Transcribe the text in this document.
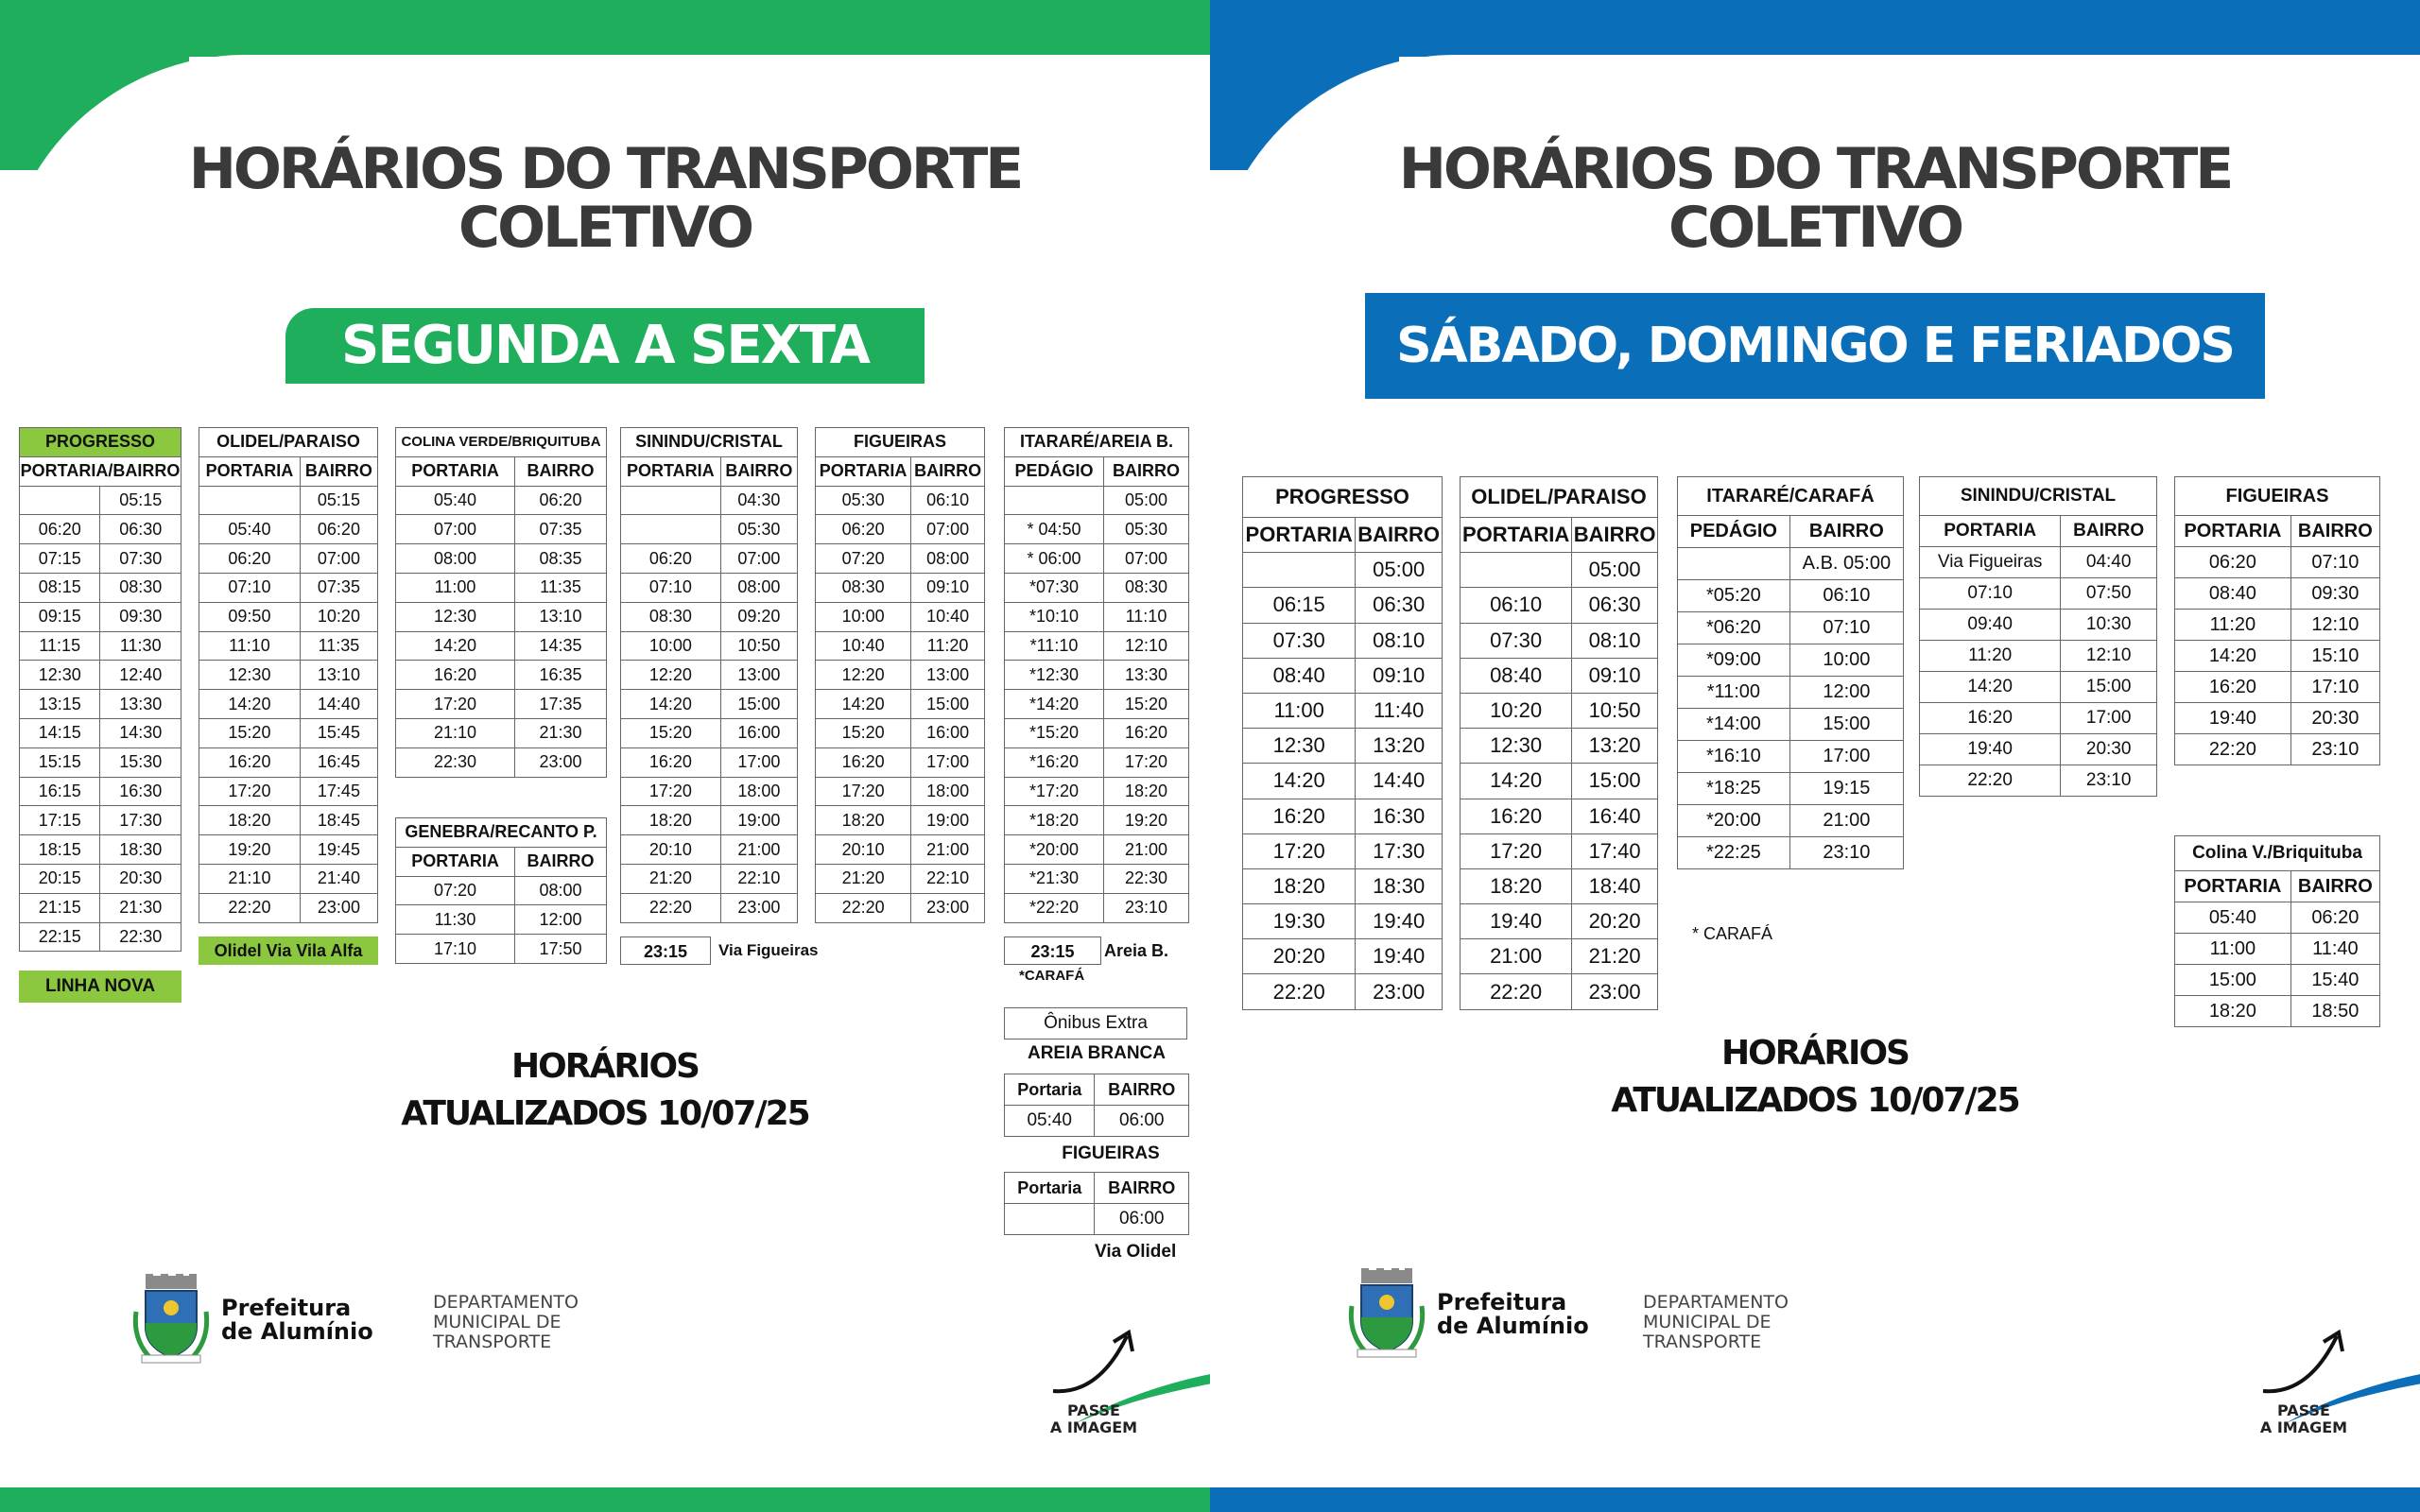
HORÁRIOS DO TRANSPORTE
COLETIVO
SEGUNDA A SEXTA
PROGRESSO	
PORTARIA/BAIRRO	
	05:15
06:20	06:30
07:15	07:30
08:15	08:30
09:15	09:30
11:15	11:30
12:30	12:40
13:15	13:30
14:15	14:30
15:15	15:30
16:15	16:30
17:15	17:30
18:15	18:30
20:15	20:30
21:15	21:30
22:15	22:30
LINHA NOVA
OLIDEL/PARAISO	
PORTARIA	BAIRRO
	05:15
05:40	06:20
06:20	07:00
07:10	07:35
09:50	10:20
11:10	11:35
12:30	13:10
14:20	14:40
15:20	15:45
16:20	16:45
17:20	17:45
18:20	18:45
19:20	19:45
21:10	21:40
22:20	23:00
Olidel Via Vila Alfa
COLINA VERDE/BRIQUITUBA	
PORTARIA	BAIRRO
05:40	06:20
07:00	07:35
08:00	08:35
11:00	11:35
12:30	13:10
14:20	14:35
16:20	16:35
17:20	17:35
21:10	21:30
22:30	23:00
GENEBRA/RECANTO P.	
PORTARIA	BAIRRO
07:20	08:00
11:30	12:00
17:10	17:50
SININDU/CRISTAL	
PORTARIA	BAIRRO
	04:30
	05:30
06:20	07:00
07:10	08:00
08:30	09:20
10:00	10:50
12:20	13:00
14:20	15:00
15:20	16:00
16:20	17:00
17:20	18:00
18:20	19:00
20:10	21:00
21:20	22:10
22:20	23:00
23:15	Via Figueiras
FIGUEIRAS	
PORTARIA	BAIRRO
05:30	06:10
06:20	07:00
07:20	08:00
08:30	09:10
10:00	10:40
10:40	11:20
12:20	13:00
14:20	15:00
15:20	16:00
16:20	17:00
17:20	18:00
18:20	19:00
20:10	21:00
21:20	22:10
22:20	23:00
ITARARÉ/AREIA B.	
PEDÁGIO	BAIRRO
	05:00
* 04:50	05:30
* 06:00	07:00
*07:30	08:30
*10:10	11:10
*11:10	12:10
*12:30	13:30
*14:20	15:20
*15:20	16:20
*16:20	17:20
*17:20	18:20
*18:20	19:20
*20:00	21:00
*21:30	22:30
*22:20	23:10
23:15	Areia B.
*CARAFÁ
Ônibus Extra
AREIA BRANCA
Portaria	BAIRRO
05:40	06:00
FIGUEIRAS
Portaria	BAIRRO
	06:00
Via Olidel
HORÁRIOS
ATUALIZADOS 10/07/25
Prefeitura
de Alumínio
DEPARTAMENTO
MUNICIPAL DE
TRANSPORTE
PASSE
A IMAGEM
HORÁRIOS DO TRANSPORTE
COLETIVO
SÁBADO, DOMINGO E FERIADOS
PROGRESSO	
PORTARIA	BAIRRO
	05:00
06:15	06:30
07:30	08:10
08:40	09:10
11:00	11:40
12:30	13:20
14:20	14:40
16:20	16:30
17:20	17:30
18:20	18:30
19:30	19:40
20:20	19:40
22:20	23:00
OLIDEL/PARAISO	
PORTARIA	BAIRRO
	05:00
06:10	06:30
07:30	08:10
08:40	09:10
10:20	10:50
12:30	13:20
14:20	15:00
16:20	16:40
17:20	17:40
18:20	18:40
19:40	20:20
21:00	21:20
22:20	23:00
ITARARÉ/CARAFÁ	
PEDÁGIO	BAIRRO
	A.B. 05:00
*05:20	06:10
*06:20	07:10
*09:00	10:00
*11:00	12:00
*14:00	15:00
*16:10	17:00
*18:25	19:15
*20:00	21:00
*22:25	23:10
* CARAFÁ
SININDU/CRISTAL	
PORTARIA	BAIRRO
Via Figueiras	04:40
07:10	07:50
09:40	10:30
11:20	12:10
14:20	15:00
16:20	17:00
19:40	20:30
22:20	23:10
FIGUEIRAS	
PORTARIA	BAIRRO
06:20	07:10
08:40	09:30
11:20	12:10
14:20	15:10
16:20	17:10
19:40	20:30
22:20	23:10
Colina V./Briquituba	
PORTARIA	BAIRRO
05:40	06:20
11:00	11:40
15:00	15:40
18:20	18:50
HORÁRIOS
ATUALIZADOS 10/07/25
Prefeitura
de Alumínio
DEPARTAMENTO
MUNICIPAL DE
TRANSPORTE
PASSE
A IMAGEM
